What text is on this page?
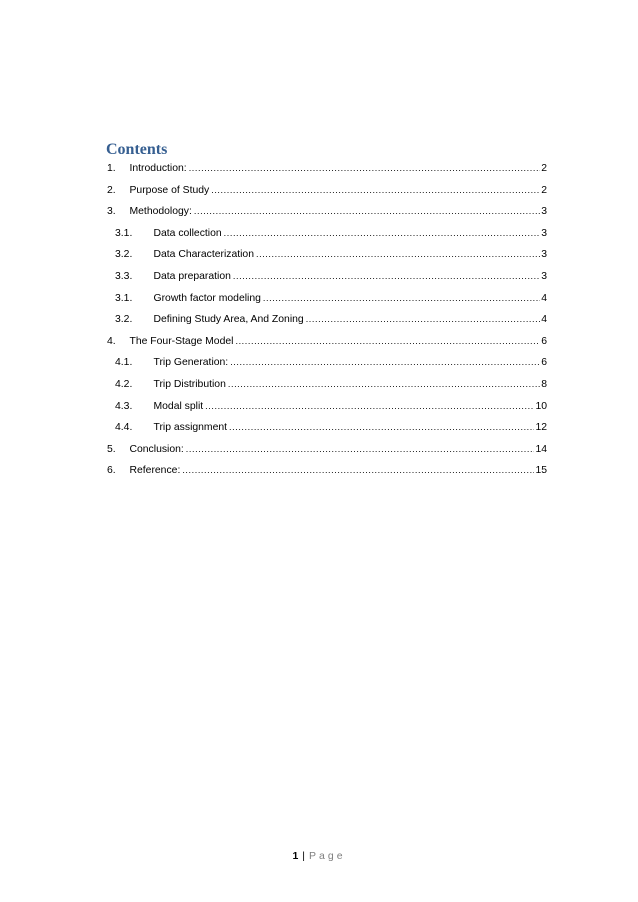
Contents
1.	Introduction: .....	2
2.	Purpose of Study .....	2
3.	Methodology: .....	3
3.1.	Data collection .....	3
3.2.	Data Characterization .....	3
3.3.	Data preparation .....	3
3.1.	Growth factor modeling .....	4
3.2.	Defining Study Area, And Zoning .....	4
4.	The Four-Stage Model .....	6
4.1.	Trip Generation: .....	6
4.2.	Trip Distribution .....	8
4.3.	Modal split .....	10
4.4.	Trip assignment .....	12
5.	Conclusion: .....	14
6.	Reference: .....	15
1 | Page
